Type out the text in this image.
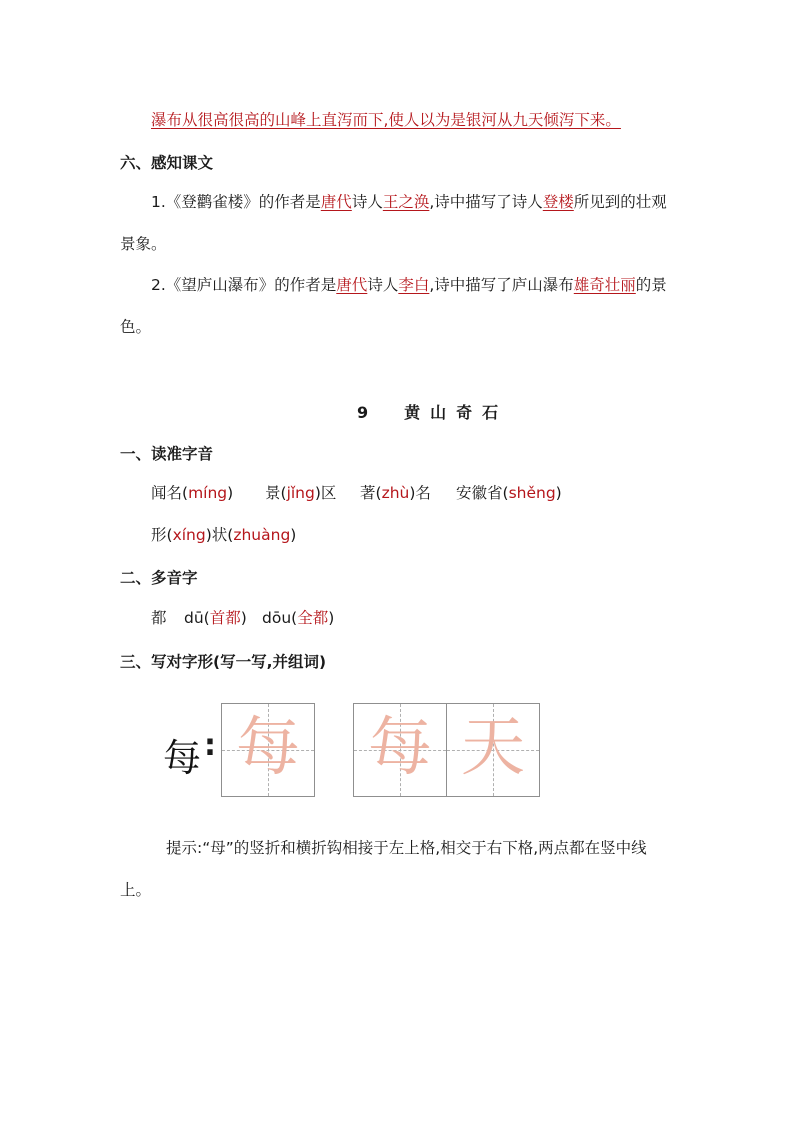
瀑布从很高很高的山峰上直泻而下,使人以为是银河从九天倾泻下来。
六、感知课文
1.《登鹳雀楼》的作者是唐代诗人王之涣,诗中描写了诗人登楼所见到的壮观
景象。
2.《望庐山瀑布》的作者是唐代诗人李白,诗中描写了庐山瀑布雄奇壮丽的景
色。
9　黄山奇石
一、读准字音
闻名(míng) 景(jǐng)区 著(zhù)名 安徽省(shěng)
形(xíng)状(zhuàng)
二、多音字
都 dū(首都) dōu(全都)
三、写对字形(写一写,并组词)
每 : 每 每 天
提示:“母”的竖折和横折钩相接于左上格,相交于右下格,两点都在竖中线
上。
